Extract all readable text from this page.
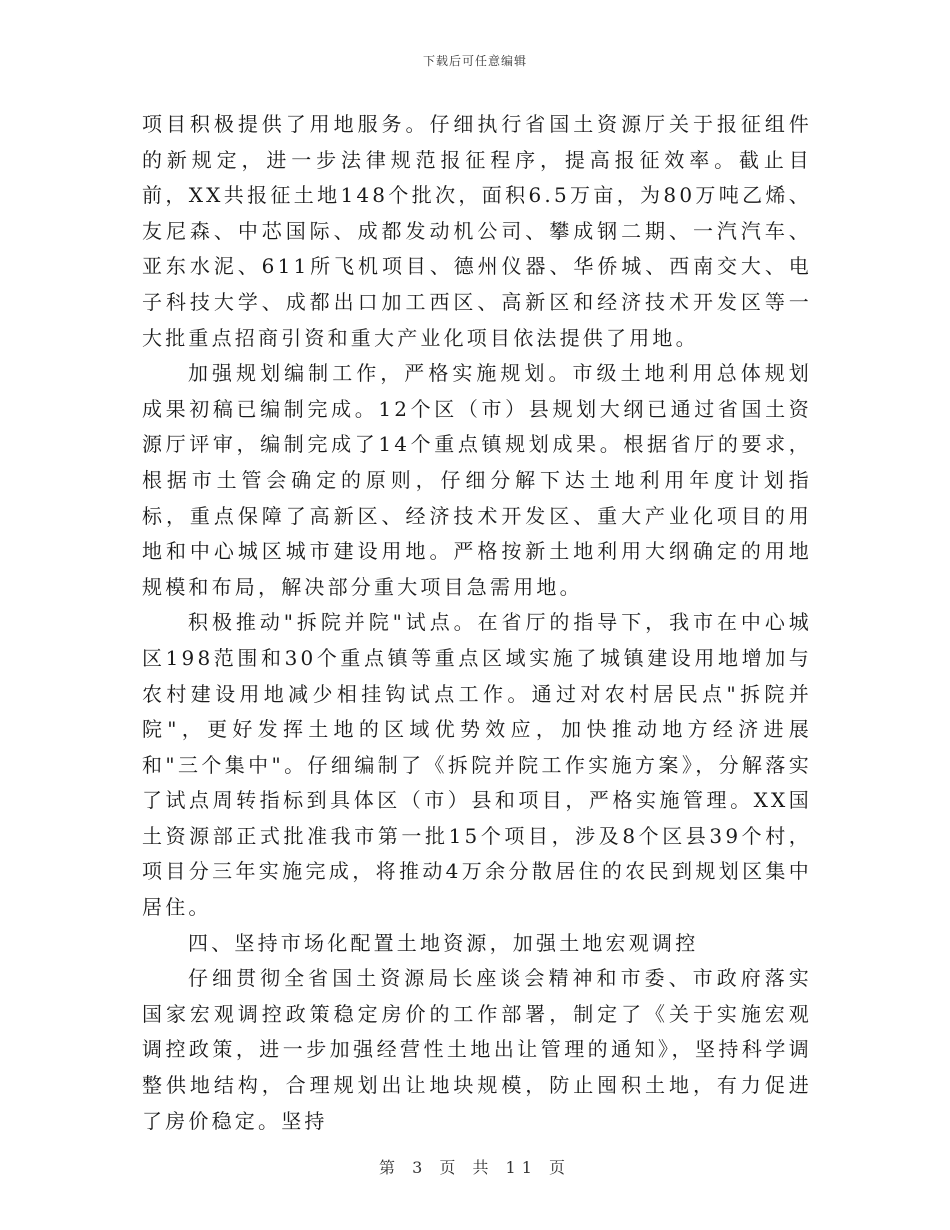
下载后可任意编辑

项目积极提供了用地服务。仔细执行省国土资源厅关于报征组件的新规定，进一步法律规范报征程序，提高报征效率。截止目前，XX共报征土地148个批次，面积6.5万亩，为80万吨乙烯、友尼森、中芯国际、成都发动机公司、攀成钢二期、一汽汽车、亚东水泥、611所飞机项目、德州仪器、华侨城、西南交大、电子科技大学、成都出口加工西区、高新区和经济技术开发区等一大批重点招商引资和重大产业化项目依法提供了用地。

加强规划编制工作，严格实施规划。市级土地利用总体规划成果初稿已编制完成。12个区（市）县规划大纲已通过省国土资源厅评审，编制完成了14个重点镇规划成果。根据省厅的要求，根据市土管会确定的原则，仔细分解下达土地利用年度计划指标，重点保障了高新区、经济技术开发区、重大产业化项目的用地和中心城区城市建设用地。严格按新土地利用大纲确定的用地规模和布局，解决部分重大项目急需用地。

积极推动"拆院并院"试点。在省厅的指导下，我市在中心城区198范围和30个重点镇等重点区域实施了城镇建设用地增加与农村建设用地减少相挂钩试点工作。通过对农村居民点"拆院并院"，更好发挥土地的区域优势效应，加快推动地方经济进展和"三个集中"。仔细编制了《拆院并院工作实施方案》，分解落实了试点周转指标到具体区（市）县和项目，严格实施管理。XX国土资源部正式批准我市第一批15个项目，涉及8个区县39个村，项目分三年实施完成，将推动4万余分散居住的农民到规划区集中居住。

四、坚持市场化配置土地资源，加强土地宏观调控

仔细贯彻全省国土资源局长座谈会精神和市委、市政府落实国家宏观调控政策稳定房价的工作部署，制定了《关于实施宏观调控政策，进一步加强经营性土地出让管理的通知》，坚持科学调整供地结构，合理规划出让地块规模，防止囤积土地，有力促进了房价稳定。坚持

第 3 页 共 11 页
